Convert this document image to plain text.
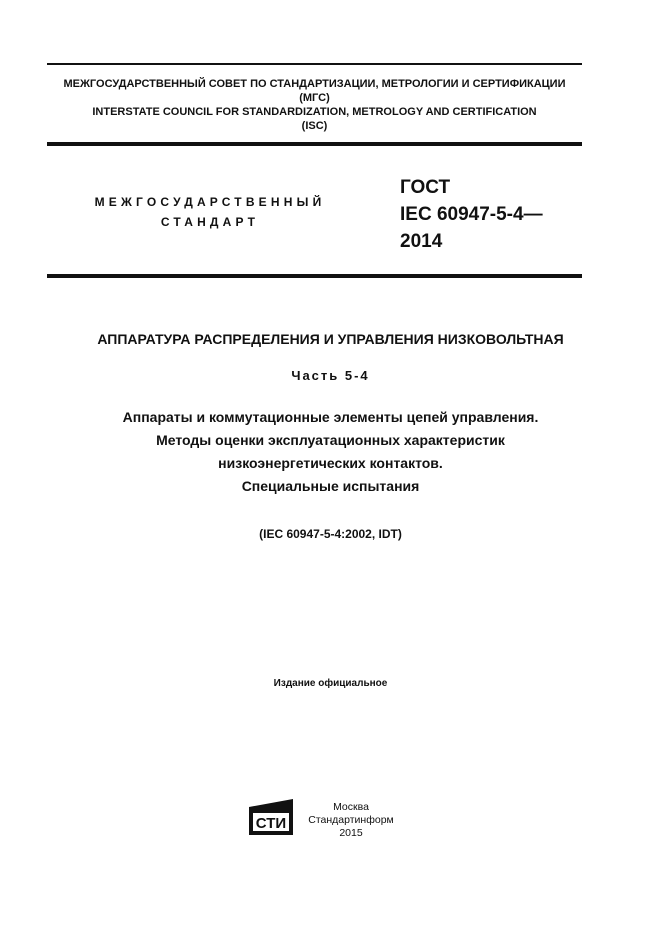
МЕЖГОСУДАРСТВЕННЫЙ СОВЕТ ПО СТАНДАРТИЗАЦИИ, МЕТРОЛОГИИ И СЕРТИФИКАЦИИ
(МГС)
INTERSTATE COUNCIL FOR STANDARDIZATION, METROLOGY AND CERTIFICATION
(ISC)
МЕЖГОСУДАРСТВЕННЫЙ
СТАНДАРТ
ГОСТ
IEC 60947-5-4—
2014
АППАРАТУРА РАСПРЕДЕЛЕНИЯ И УПРАВЛЕНИЯ НИЗКОВОЛЬТНАЯ
Часть 5-4
Аппараты и коммутационные элементы цепей управления.
Методы оценки эксплуатационных характеристик
низкоэнергетических контактов.
Специальные испытания
(IEC 60947-5-4:2002, IDT)
Издание официальное
СТИ
Москва
Стандартинформ
2015
